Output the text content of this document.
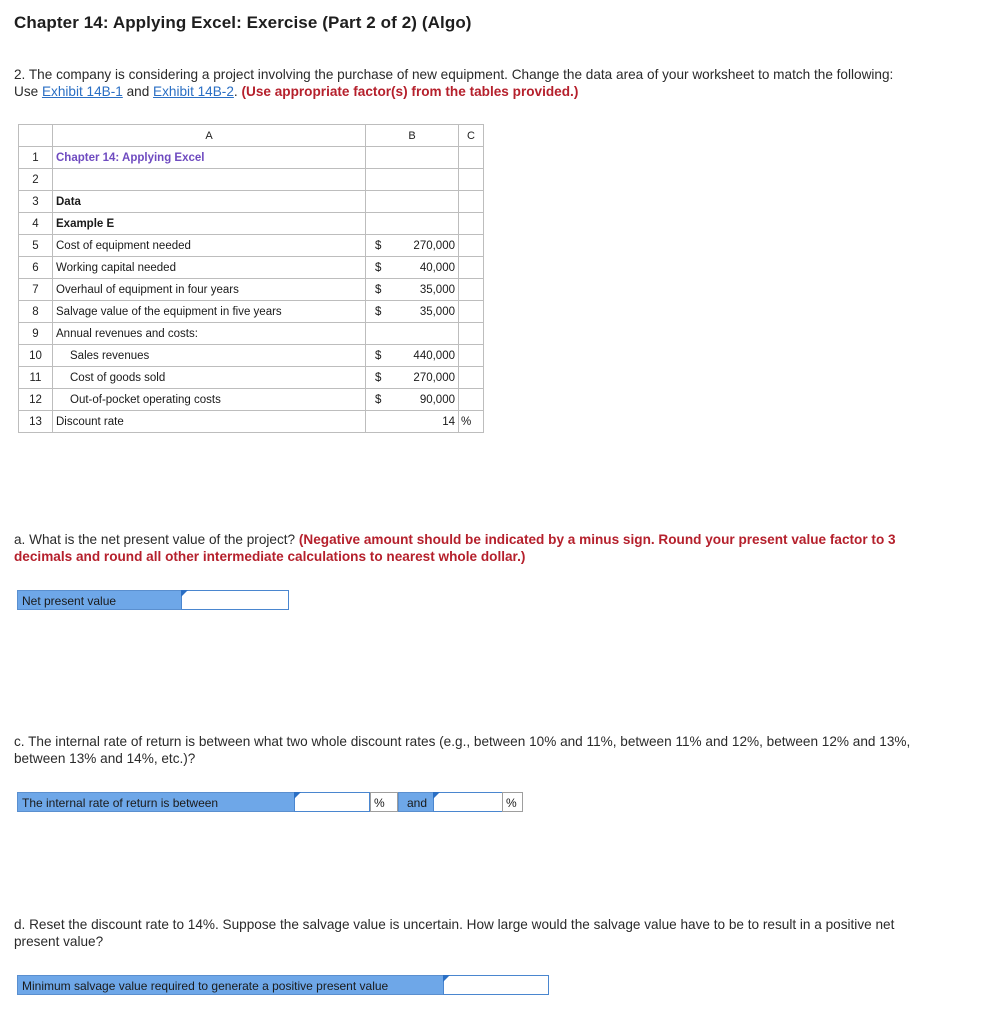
Chapter 14: Applying Excel: Exercise (Part 2 of 2) (Algo)
2. The company is considering a project involving the purchase of new equipment. Change the data area of your worksheet to match the following: Use Exhibit 14B-1 and Exhibit 14B-2. (Use appropriate factor(s) from the tables provided.)
	A	B	C
1	Chapter 14: Applying Excel	

2		

3	Data	

4	Example E	

5	Cost of equipment needed	$ 270,000	

6	Working capital needed	$ 40,000	

7	Overhaul of equipment in four years	$ 35,000	

8	Salvage value of the equipment in five years	$ 35,000	

9	Annual revenues and costs:	

10	Sales revenues	$ 440,000	

11	Cost of goods sold	$ 270,000	

12	Out-of-pocket operating costs	$ 90,000	

13	Discount rate	14	%
a. What is the net present value of the project? (Negative amount should be indicated by a minus sign. Round your present value factor to 3 decimals and round all other intermediate calculations to nearest whole dollar.)
Net present value
c. The internal rate of return is between what two whole discount rates (e.g., between 10% and 11%, between 11% and 12%, between 12% and 13%, between 13% and 14%, etc.)?
The internal rate of return is between	%	and	%
d. Reset the discount rate to 14%. Suppose the salvage value is uncertain. How large would the salvage value have to be to result in a positive net present value?
Minimum salvage value required to generate a positive present value
